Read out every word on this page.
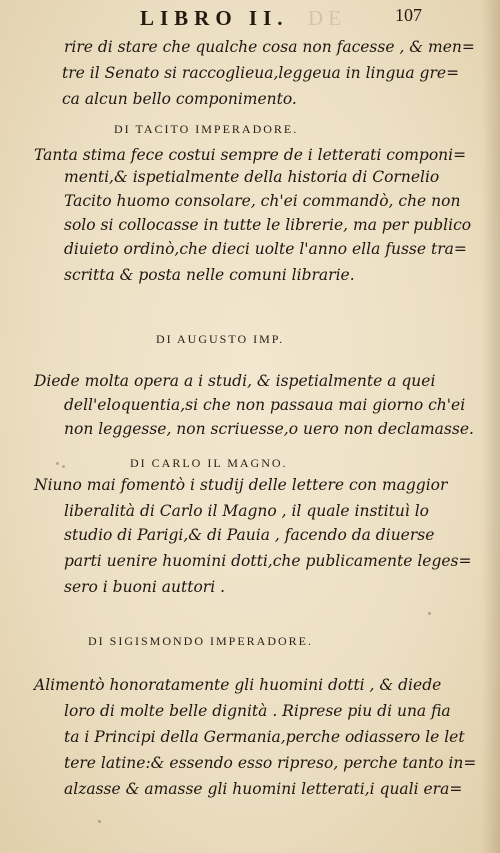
LIBRO II. DE	107
rire di stare che qualche cosa non facesse , & men=
tre il Senato si raccoglieua,leggeua in lingua gre=
ca alcun bello componimento.
DI TACITO IMPERADORE.
Tanta stima fece costui sempre de i letterati componi=
menti,& ispetialmente della historia di Cornelio
Tacito huomo consolare, ch'ei commandò, che non
solo si collocasse in tutte le librerie, ma per publico
diuieto ordinò,che dieci uolte l'anno ella fusse tra=
scritta & posta nelle comuni librarie.
DI AUGUSTO IMP.
Diede molta opera a i studi, & ispetialmente a quei
dell'eloquentia,si che non passaua mai giorno ch'ei
non leggesse, non scriuesse,o uero non declamasse.
DI CARLO IL MAGNO.
Niuno mai fomentò i studij delle lettere con maggior
liberalità di Carlo il Magno , il quale instituì lo
studio di Parigi,& di Pauia , facendo da diuerse
parti uenire huomini dotti,che publicamente leges=
sero i buoni auttori .
DI SIGISMONDO IMPERADORE.
Alimentò honoratamente gli huomini dotti , & diede
loro di molte belle dignità . Riprese piu di una fia
ta i Principi della Germania,perche odiassero le let
tere latine:& essendo esso ripreso, perche tanto in=
alzasse & amasse gli huomini letterati,i quali era=
